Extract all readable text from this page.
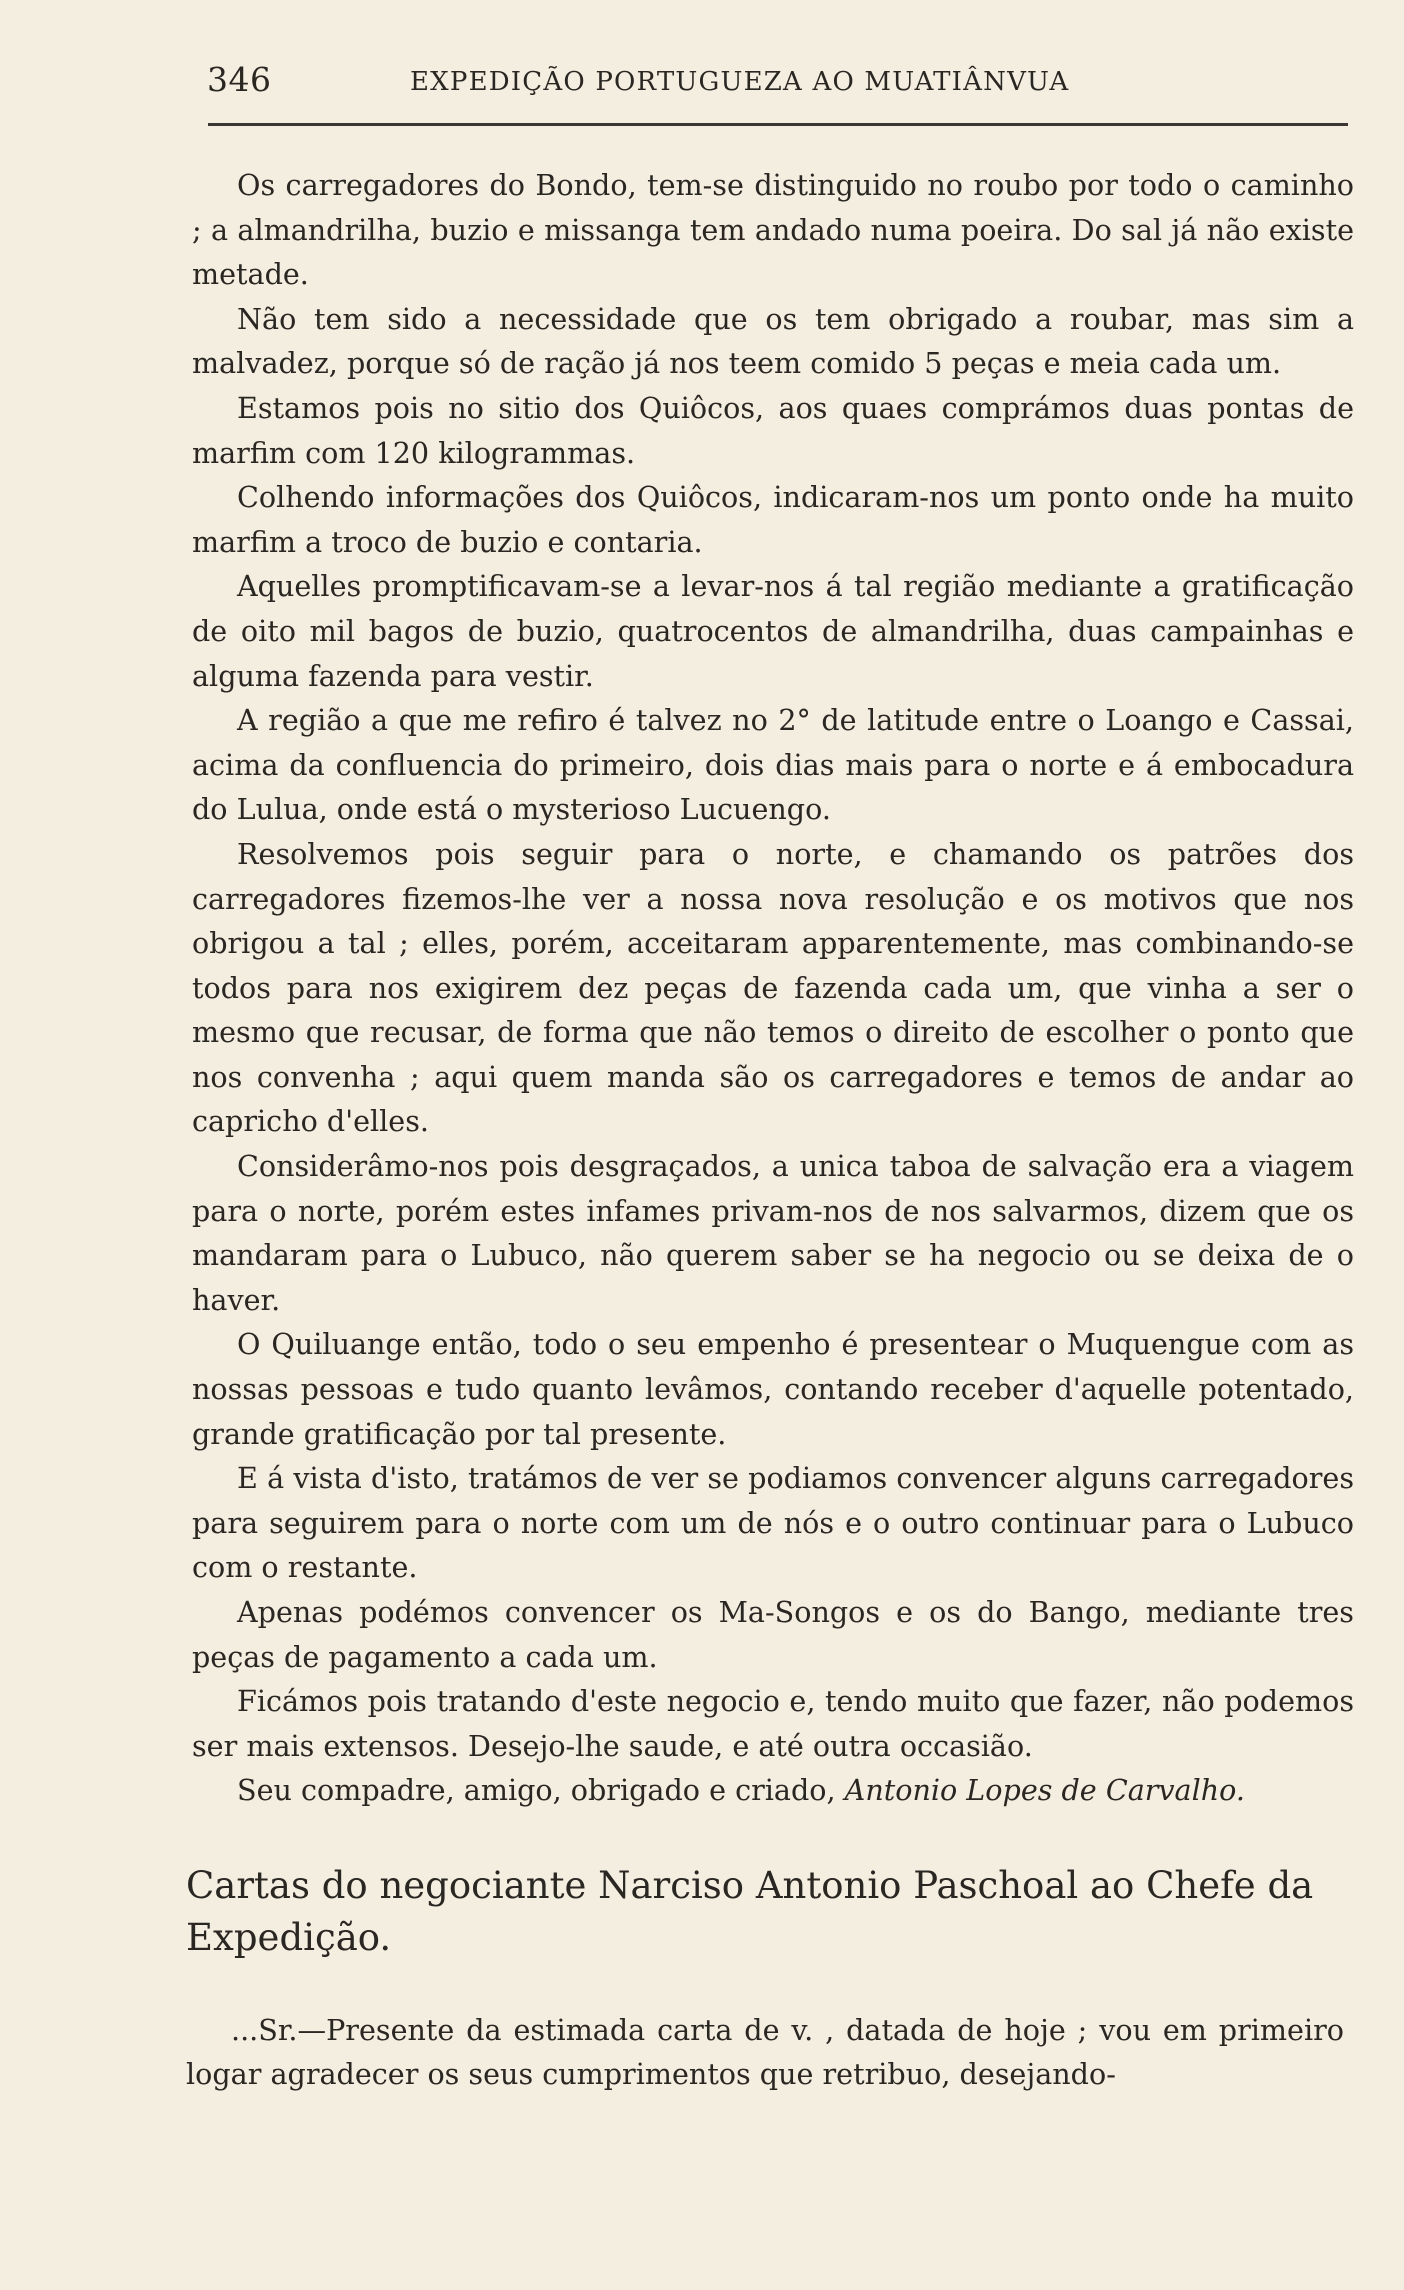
346	EXPEDIÇÃO PORTUGUEZA AO MUATIÂNVUA

Os carregadores do Bondo, tem-se distinguido no roubo por todo o caminho ; a almandrilha, buzio e missanga tem andado numa poeira. Do sal já não existe metade.

Não tem sido a necessidade que os tem obrigado a roubar, mas sim a malvadez, porque só de ração já nos teem comido 5 peças e meia cada um.

Estamos pois no sitio dos Quiôcos, aos quaes comprámos duas pontas de marfim com 120 kilogrammas.

Colhendo informações dos Quiôcos, indicaram-nos um ponto onde ha muito marfim a troco de buzio e contaria.

Aquelles promptificavam-se a levar-nos á tal região mediante a gratificação de oito mil bagos de buzio, quatrocentos de almandrilha, duas campainhas e alguma fazenda para vestir.

A região a que me refiro é talvez no 2° de latitude entre o Loango e Cassai, acima da confluencia do primeiro, dois dias mais para o norte e á embocadura do Lulua, onde está o mysterioso Lucuengo.

Resolvemos pois seguir para o norte, e chamando os patrões dos carregadores fizemos-lhe ver a nossa nova resolução e os motivos que nos obrigou a tal ; elles, porém, acceitaram apparentemente, mas combinando-se todos para nos exigirem dez peças de fazenda cada um, que vinha a ser o mesmo que recusar, de forma que não temos o direito de escolher o ponto que nos convenha ; aqui quem manda são os carregadores e temos de andar ao capricho d'elles.

Considerâmo-nos pois desgraçados, a unica taboa de salvação era a viagem para o norte, porém estes infames privam-nos de nos salvarmos, dizem que os mandaram para o Lubuco, não querem saber se ha negocio ou se deixa de o haver.

O Quiluange então, todo o seu empenho é presentear o Muquengue com as nossas pessoas e tudo quanto levâmos, contando receber d'aquelle potentado, grande gratificação por tal presente.

E á vista d'isto, tratámos de ver se podiamos convencer alguns carregadores para seguirem para o norte com um de nós e o outro continuar para o Lubuco com o restante.

Apenas podémos convencer os Ma-Songos e os do Bango, mediante tres peças de pagamento a cada um.

Ficámos pois tratando d'este negocio e, tendo muito que fazer, não podemos ser mais extensos. Desejo-lhe saude, e até outra occasião.

Seu compadre, amigo, obrigado e criado, Antonio Lopes de Carvalho.

Cartas do negociante Narciso Antonio Paschoal ao Chefe da Expedição.

...Sr.—Presente da estimada carta de v. , datada de hoje ; vou em primeiro logar agradecer os seus cumprimentos que retribuo, desejando-
